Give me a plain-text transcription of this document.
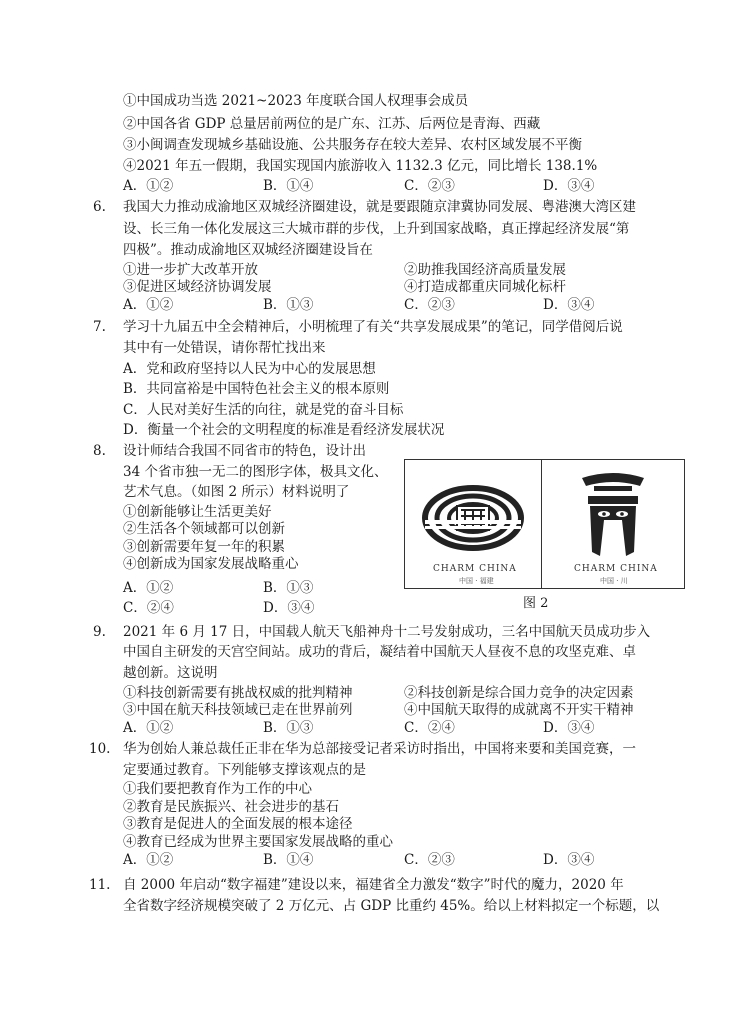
①中国成功当选 2021~2023 年度联合国人权理事会成员
②中国各省 GDP 总量居前两位的是广东、江苏、后两位是青海、西藏
③小闽调查发现城乡基础设施、公共服务存在较大差异、农村区域发展不平衡
④2021 年五一假期，我国实现国内旅游收入 1132.3 亿元，同比增长 138.1%
A．①②	B．①④	C．②③	D．③④
6. 我国大力推动成渝地区双城经济圈建设，就是要跟随京津冀协同发展、粤港澳大湾区建
设、长三角一体化发展这三大城市群的步伐，上升到国家战略，真正撑起经济发展“第
四极”。推动成渝地区双城经济圈建设旨在
①进一步扩大改革开放	②助推我国经济高质量发展
③促进区域经济协调发展	④打造成都重庆同城化标杆
A．①②	B．①③	C．②③	D．③④
7. 学习十九届五中全会精神后，小明梳理了有关“共享发展成果”的笔记，同学借阅后说
其中有一处错误，请你帮忙找出来
A．党和政府坚持以人民为中心的发展思想
B．共同富裕是中国特色社会主义的根本原则
C．人民对美好生活的向往，就是党的奋斗目标
D．衡量一个社会的文明程度的标准是看经济发展状况
8. 设计师结合我国不同省市的特色，设计出
34 个省市独一无二的图形字体，极具文化、
艺术气息。（如图 2 所示）材料说明了
①创新能够让生活更美好
②生活各个领域都可以创新
③创新需要年复一年的积累
④创新成为国家发展战略重心
A．①②	B．①③
C．②④	D．③④
CHARM CHINA
中国 · 福建
CHARM CHINA
中国 · 川
图 2
9. 2021 年 6 月 17 日，中国载人航天飞船神舟十二号发射成功，三名中国航天员成功步入
中国自主研发的天宫空间站。成功的背后，凝结着中国航天人昼夜不息的攻坚克难、卓
越创新。这说明
①科技创新需要有挑战权威的批判精神	②科技创新是综合国力竞争的决定因素
③中国在航天科技领域已走在世界前列	④中国航天取得的成就离不开实干精神
A．①②	B．①③	C．②④	D．③④
10. 华为创始人兼总裁任正非在华为总部接受记者采访时指出，中国将来要和美国竞赛，一
定要通过教育。下列能够支撑该观点的是
①我们要把教育作为工作的中心
②教育是民族振兴、社会进步的基石
③教育是促进人的全面发展的根本途径
④教育已经成为世界主要国家发展战略的重心
A．①②	B．①④	C．②③	D．③④
11. 自 2000 年启动“数字福建”建设以来，福建省全力激发“数字”时代的魔力，2020 年
全省数字经济规模突破了 2 万亿元、占 GDP 比重约 45%。给以上材料拟定一个标题，以
